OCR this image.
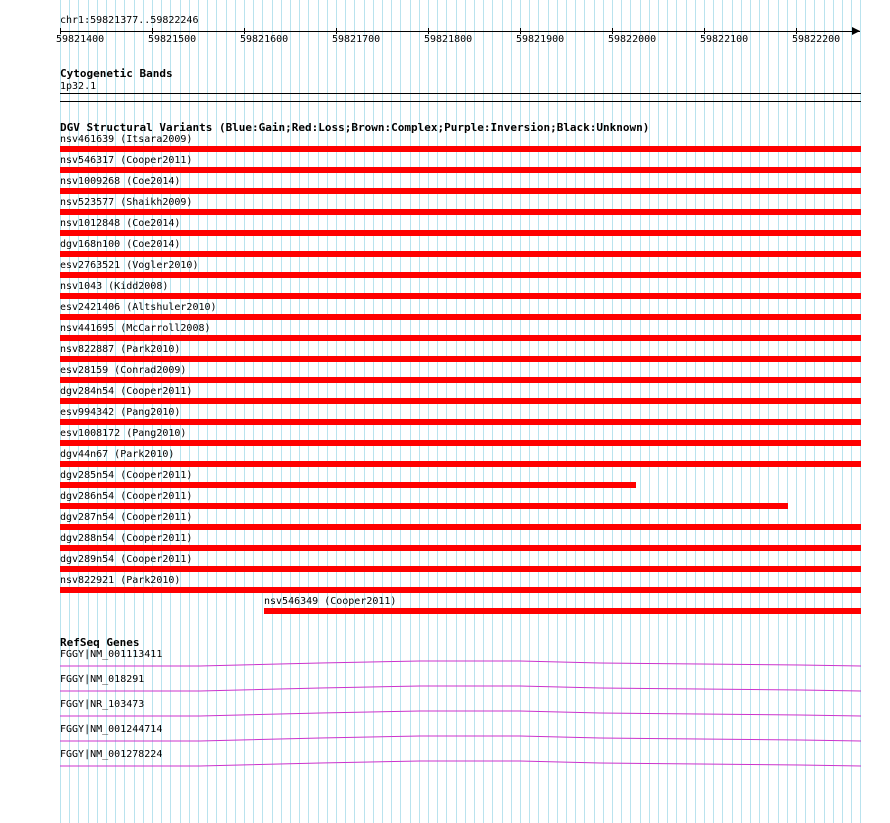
chr1:59821377..59822246
59821400	59821500	59821600	59821700	59821800	59821900	59822000	59822100	59822200
Cytogenetic Bands
1p32.1
DGV Structural Variants (Blue:Gain;Red:Loss;Brown:Complex;Purple:Inversion;Black:Unknown)
nsv461639 (Itsara2009)
nsv546317 (Cooper2011)
nsv1009268 (Coe2014)
nsv523577 (Shaikh2009)
nsv1012848 (Coe2014)
dgv168n100 (Coe2014)
esv2763521 (Vogler2010)
nsv1043 (Kidd2008)
esv2421406 (Altshuler2010)
nsv441695 (McCarroll2008)
nsv822887 (Park2010)
esv28159 (Conrad2009)
dgv284n54 (Cooper2011)
esv994342 (Pang2010)
esv1008172 (Pang2010)
dgv44n67 (Park2010)
dgv285n54 (Cooper2011)
dgv286n54 (Cooper2011)
dgv287n54 (Cooper2011)
dgv288n54 (Cooper2011)
dgv289n54 (Cooper2011)
nsv822921 (Park2010)
nsv546349 (Cooper2011)
RefSeq Genes
FGGY|NM_001113411
FGGY|NM_018291
FGGY|NR_103473
FGGY|NM_001244714
FGGY|NM_001278224
